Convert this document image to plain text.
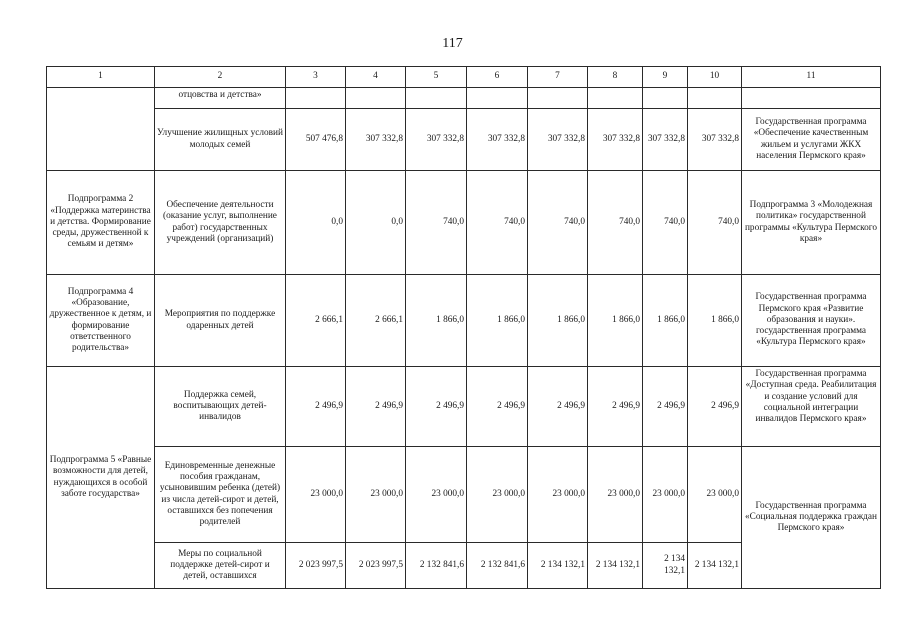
117
1	2	3	4	5	6	7	8	9	10	11
	отцовства и детства»									
	Улучшение жилищных условий молодых семей	507 476,8	307 332,8	307 332,8	307 332,8	307 332,8	307 332,8	307 332,8	307 332,8	Государственная программа «Обеспечение качественным жильем и услугами ЖКХ населения Пермского края»
Подпрограмма 2 «Поддержка материнства и детства. Формирование среды, дружественной к семьям и детям»	Обеспечение деятельности (оказание услуг, выполнение работ) государственных учреждений (организаций)	0,0	0,0	740,0	740,0	740,0	740,0	740,0	740,0	Подпрограмма 3 «Молодежная политика» государственной программы «Культура Пермского края»
Подпрограмма 4 «Образование, дружественное к детям, и формирование ответственного родительства»	Мероприятия по поддержке одаренных детей	2 666,1	2 666,1	1 866,0	1 866,0	1 866,0	1 866,0	1 866,0	1 866,0	Государственная программа Пермского края «Развитие образования и науки». государственная программа «Культура Пермского края»
Подпрограмма 5 «Равные возможности для детей, нуждающихся в особой заботе государства»	Поддержка семей, воспитывающих детей-инвалидов	2 496,9	2 496,9	2 496,9	2 496,9	2 496,9	2 496,9	2 496,9	2 496,9	Государственная программа «Доступная среда. Реабилитация и создание условий для социальной интеграции инвалидов Пермского края»
	Единовременные денежные пособия гражданам, усыновившим ребенка (детей) из числа детей-сирот и детей, оставшихся без попечения родителей	23 000,0	23 000,0	23 000,0	23 000,0	23 000,0	23 000,0	23 000,0	23 000,0	Государственная программа «Социальная поддержка граждан Пермского края»
	Меры по социальной поддержке детей-сирот и детей, оставшихся	2 023 997,5	2 023 997,5	2 132 841,6	2 132 841,6	2 134 132,1	2 134 132,1	2 134 132,1	2 134 132,1	
